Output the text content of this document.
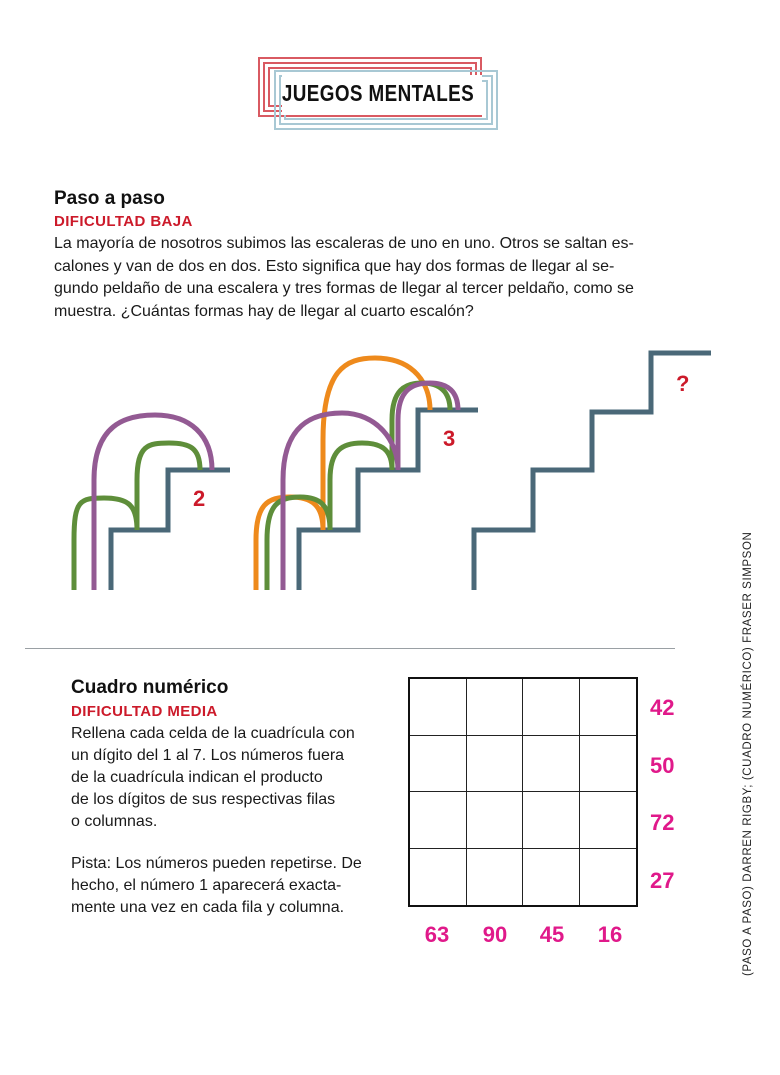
JUEGOS MENTALES
Paso a paso
DIFICULTAD BAJA

La mayoría de nosotros subimos las escaleras de uno en uno. Otros se saltan es-
calones y van de dos en dos. Esto significa que hay dos formas de llegar al se-
gundo peldaño de una escalera y tres formas de llegar al tercer peldaño, como se
muestra. ¿Cuántas formas hay de llegar al cuarto escalón?

2
3
?
Cuadro numérico
DIFICULTAD MEDIA

Rellena cada celda de la cuadrícula con
un dígito del 1 al 7. Los números fuera
de la cuadrícula indican el producto
de los dígitos de sus respectivas filas
o columnas.

Pista: Los números pueden repetirse. De
hecho, el número 1 aparecerá exacta-
mente una vez en cada fila y columna.

42
50
72
27
63	90	45	16	(PASO A PASO) DARREN RIGBY; (CUADRO NUMÉRICO) FRASER SIMPSON
